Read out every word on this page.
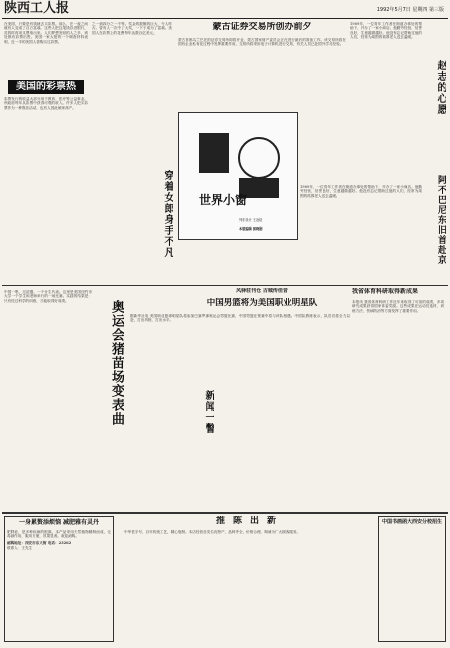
陕西工人报	1992年5月7日 星期四 第三版
在美国，只要是有钱就去买彩票。那么，在一夜之间就有人变成了百万富翁。这些人把这笔钱存进银行，花钱时再用支票取出来。人们梦想发财的人之多，到处都有彩票出售。美国一家大报的一个调查材料表明，近一半的美国人曾购买过彩票。
美国的彩票热
彩票发行的收益大部分用于教育、医疗等公益事业。州政府每年从彩票中获得可观的收入。许多人把买彩票作为一种娱乐活动，也有人因此倾家荡产。
之一到四分之一不等。奖金的数额的巨大，令人咋舌。曾有人一次中了大奖，一下子成为了富翁。美国人在彩票上的花费每年达数百亿美元。
蒙古证券交易所创办前夕
蒙古首都乌兰巴托的证券交易所即将开业，蒙古国家财产委员会正在进行最后的准备工作。该交易所将在国有企业私有化过程中发挥重要作用。交易所将采用电子计算机进行交易，有关人员已赴国外学习经验。
1989年，一位青年工作者在街道办事处的帮助下，开办了一家小商店。他勤劳经营，信誉良好，生意越做越好。他没有忘记帮助过他的人们，经常为周围的孤寡老人送去温暖。
赵志的心愿
阿不巴尼东旧首赴京
世界小窗
列东设计 王沧绘
本版编辑 郭晓刚
穿着女郎身手不凡	1989年，一位青年工作者在街道办事处的帮助下，开办了一家小商店。他勤劳经营，信誉良好，生意越做越好。他没有忘记帮助过他的人们，经常为周围的孤寡老人送去温暖。
中国一集，过滤器，一个计生代表。这里是美国纽约市大学一个学生和老师举行的一场比赛。实践的结果是：只有经过科学的训练，才能取得好成绩。	奥运会猪苗场变表曲
风驿驻刊仓 古城传佳音
中国男篮将为美国职业明星队
据新华社电 美国职业篮球明星队将参加巴塞罗那奥运会男篮比赛，中国男篮在预赛中将与该队相遇。中国队教练表示，队员们将全力以赴，打出风格，打出水平。
我省体育科研取得新成果
本报讯 我省体育科研工作近年来取得了可喜的成绩，多项研究成果获得国家体委奖励。这些成果在运动员选材、训练方法、伤病防治等方面发挥了重要作用。
新闻一瞥
一身累赘添烦恼 减肥雅有灵丹
肥胖症，是多种疾病的根源。本产品采用天然植物精制而成，无毒副作用，服用方便，效果显著。欢迎函购。
邮购地址：西安市东大街 电话：23262
联系人：王先生
推陈出新
中华老字号，百年传统工艺，精心炮制。本店经营各类名优特产，品种齐全，价格合理，竭诚为广大顾客服务。
中国书画函大西安分校招生
